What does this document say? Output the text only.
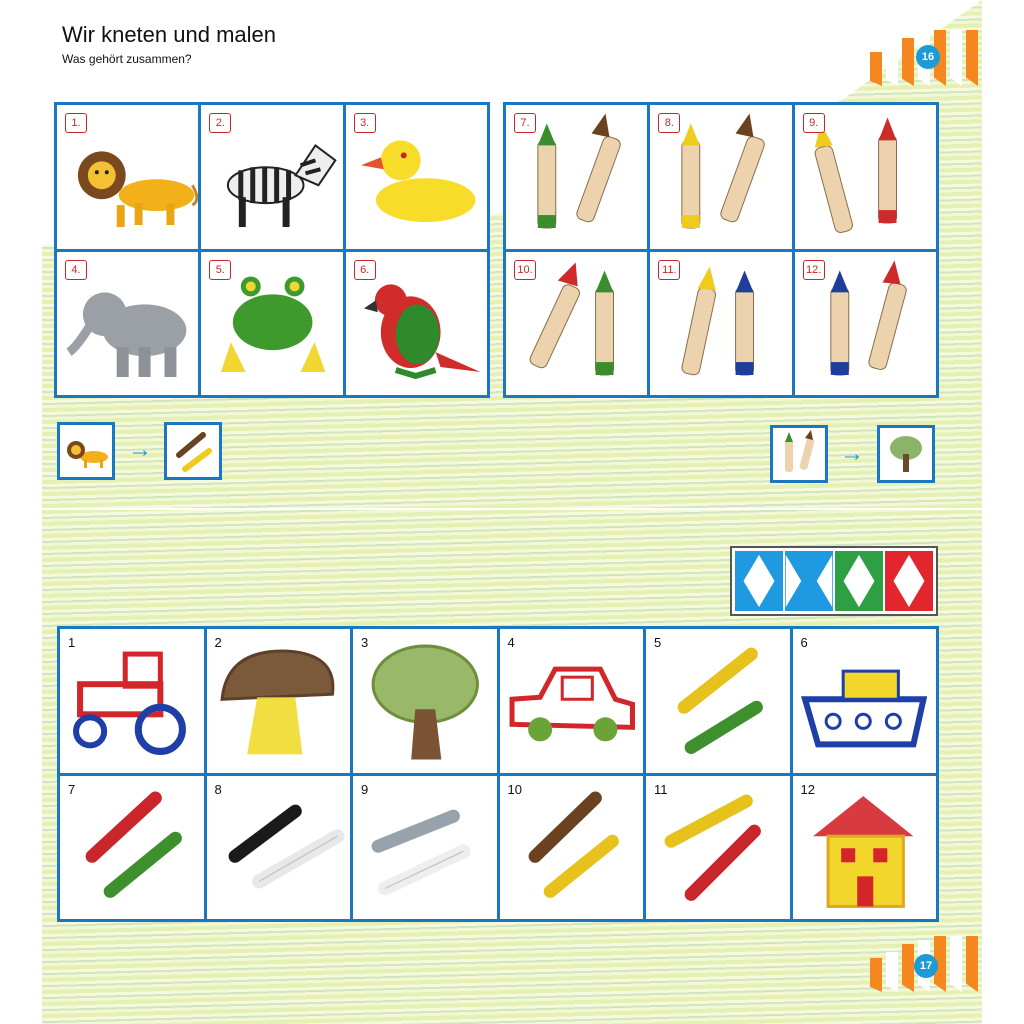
Wir kneten und malen
Was gehört zusammen?	16
17
1.	2.	3.
4.	5.	6.
7.	8.	9.
10.	11.	12.
→	→
1	2	3	4	5	6
7	8	9	10	11	12
